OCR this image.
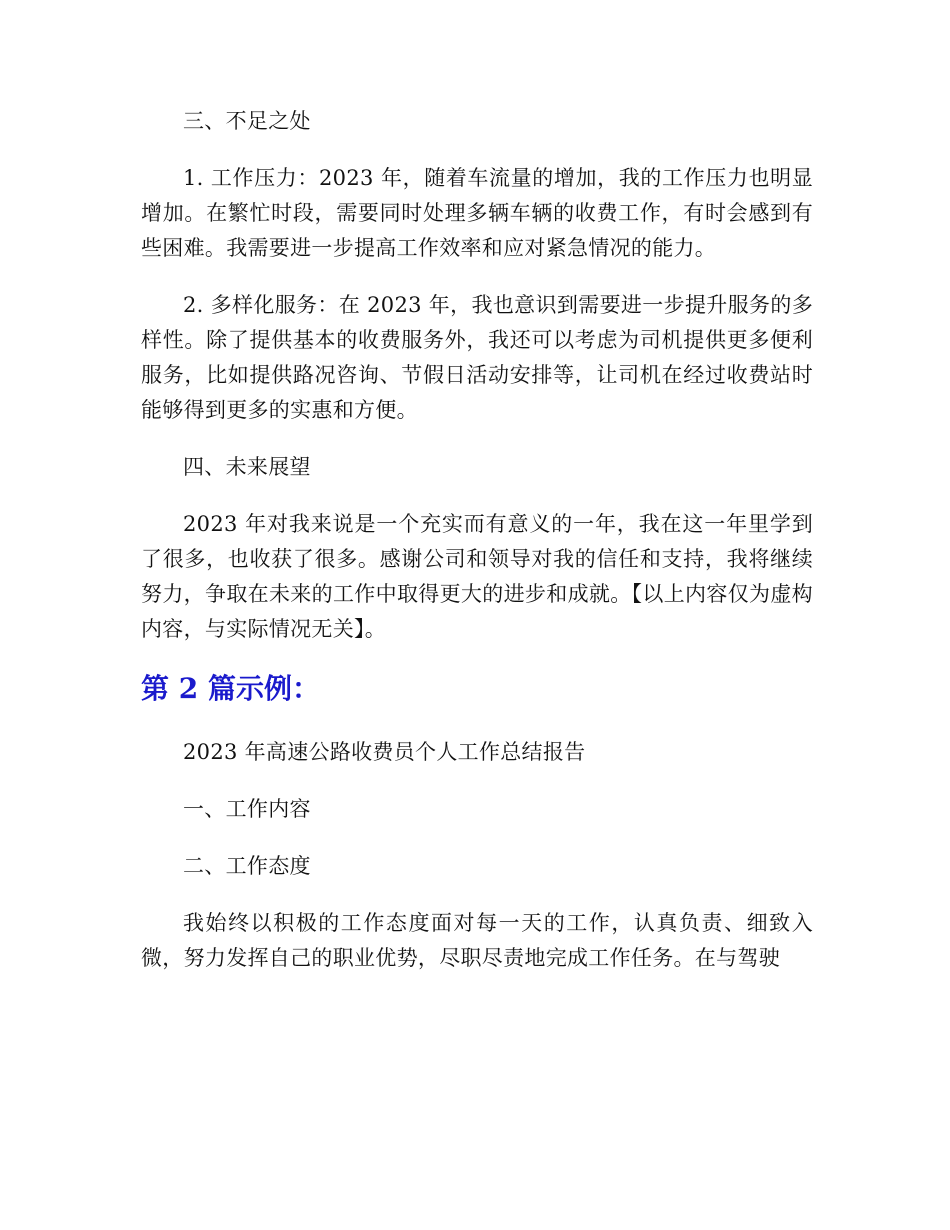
三、不足之处

1. 工作压力：2023 年，随着车流量的增加，我的工作压力也明显增加。在繁忙时段，需要同时处理多辆车辆的收费工作，有时会感到有些困难。我需要进一步提高工作效率和应对紧急情况的能力。

2. 多样化服务：在 2023 年，我也意识到需要进一步提升服务的多样性。除了提供基本的收费服务外，我还可以考虑为司机提供更多便利服务，比如提供路况咨询、节假日活动安排等，让司机在经过收费站时能够得到更多的实惠和方便。

四、未来展望

2023 年对我来说是一个充实而有意义的一年，我在这一年里学到了很多，也收获了很多。感谢公司和领导对我的信任和支持，我将继续努力，争取在未来的工作中取得更大的进步和成就。【以上内容仅为虚构内容，与实际情况无关】。

第 2 篇示例：

2023 年高速公路收费员个人工作总结报告

一、工作内容

二、工作态度

我始终以积极的工作态度面对每一天的工作，认真负责、细致入微，努力发挥自己的职业优势，尽职尽责地完成工作任务。在与驾驶
